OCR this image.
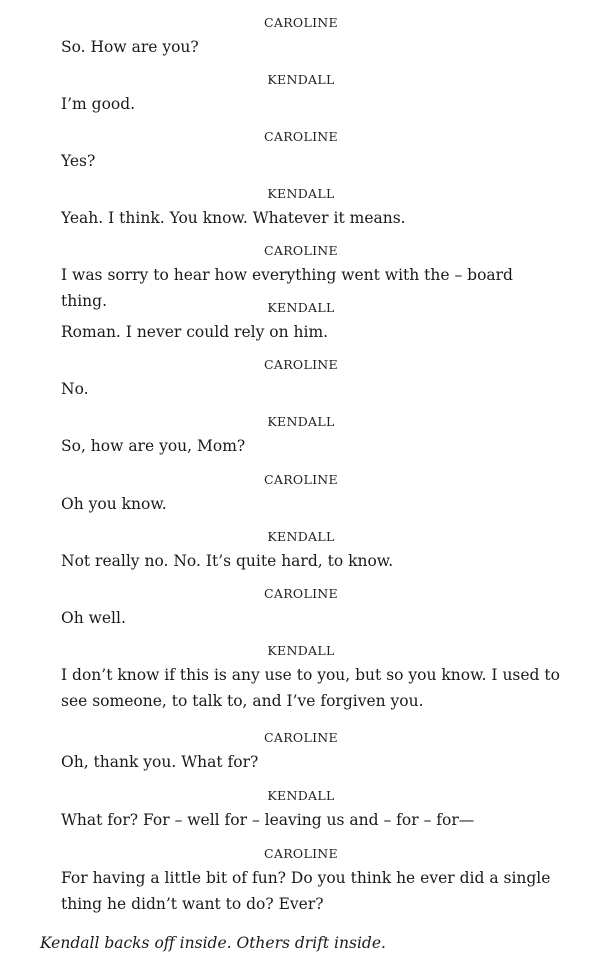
CAROLINE
So. How are you?
KENDALL
I’m good.
CAROLINE
Yes?
KENDALL
Yeah. I think. You know. Whatever it means.
CAROLINE
I was sorry to hear how everything went with the – board thing.	KENDALL
Roman. I never could rely on him.
CAROLINE
No.
KENDALL
So, how are you, Mom?
CAROLINE
Oh you know.
KENDALL
Not really no. No. It’s quite hard, to know.
CAROLINE
Oh well.
KENDALL
I don’t know if this is any use to you, but so you know. I used to see someone, to talk to, and I’ve forgiven you.
CAROLINE
Oh, thank you. What for?
KENDALL
What for? For – well for – leaving us and – for – for—
CAROLINE
For having a little bit of fun? Do you think he ever did a single thing he didn’t want to do? Ever?
Kendall backs off inside. Others drift inside.
